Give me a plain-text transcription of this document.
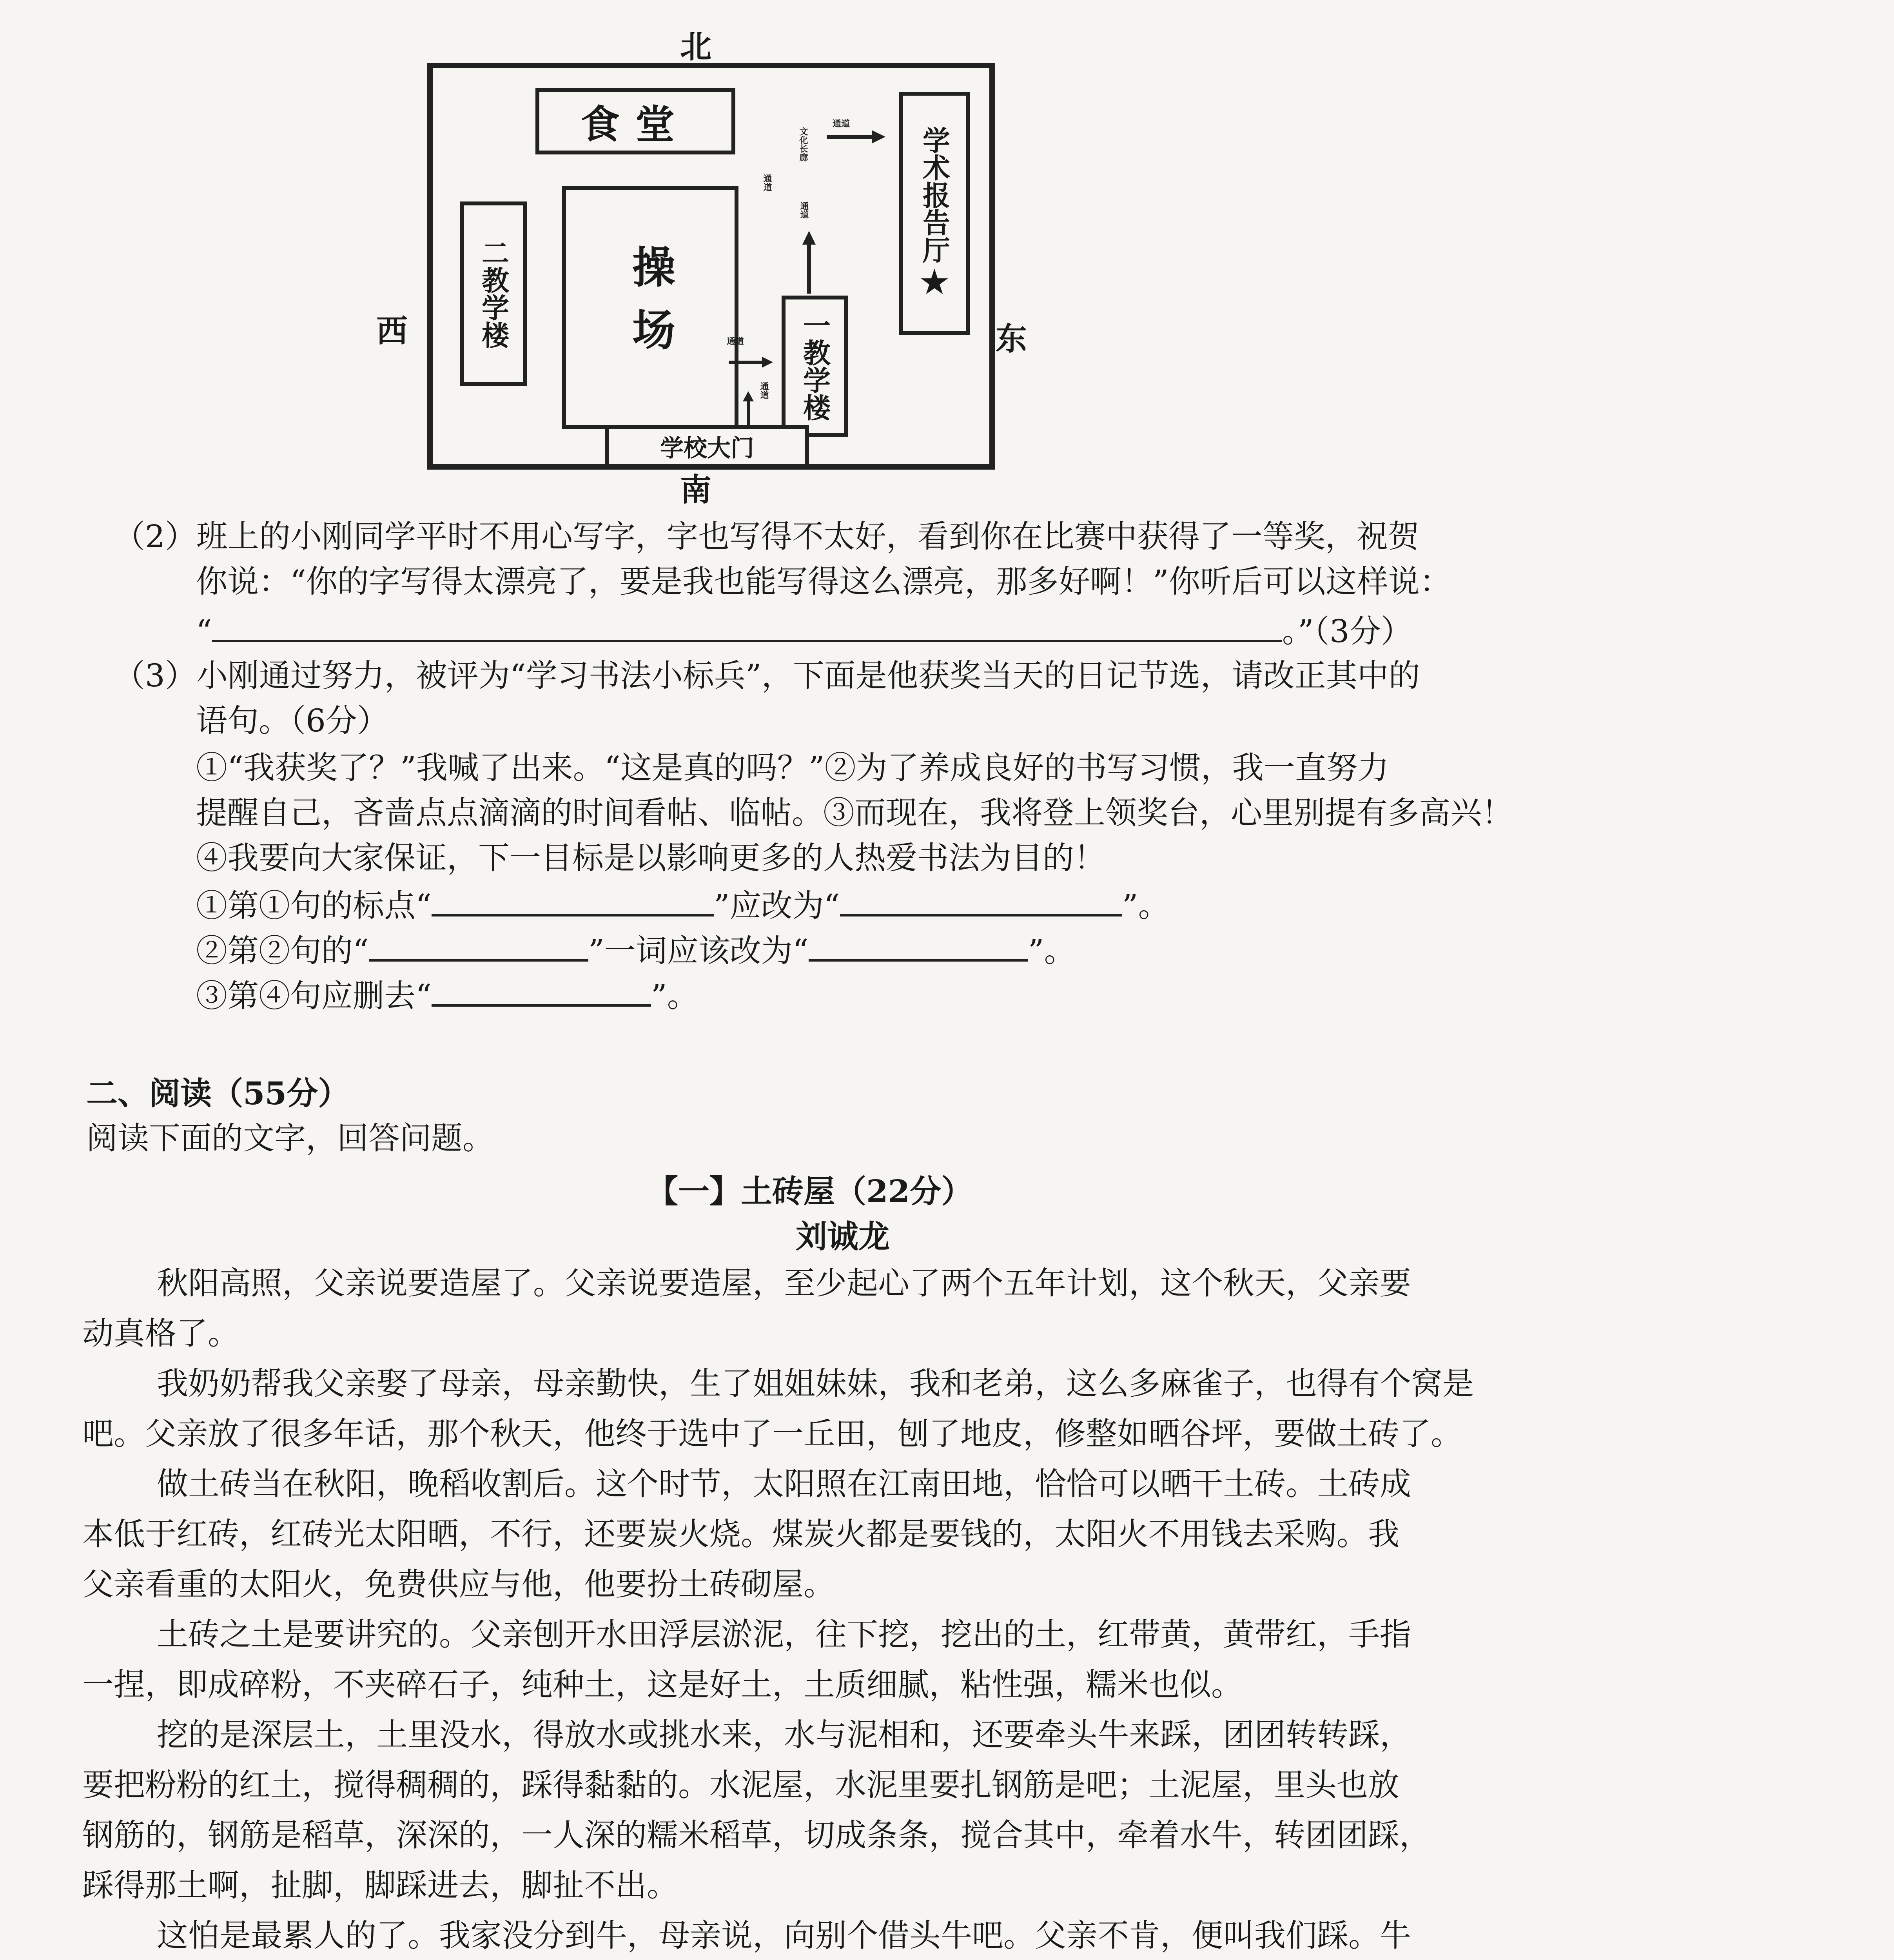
北
南
西	东
食堂
操场
二教学楼
通道
通道
文化长廊
通道
通道
通道 一教学楼
学术报告厅
★
学校大门
（2）班上的小刚同学平时不用心写字，字也写得不太好，看到你在比赛中获得了一等奖，祝贺
你说：“你的字写得太漂亮了，要是我也能写得这么漂亮，那多好啊！”你听后可以这样说：
“	。”（3分）
（3）小刚通过努力，被评为“学习书法小标兵”，下面是他获奖当天的日记节选，请改正其中的
语句。（6分）
①“我获奖了？”我喊了出来。“这是真的吗？”②为了养成良好的书写习惯，我一直努力
提醒自己，吝啬点点滴滴的时间看帖、临帖。③而现在，我将登上领奖台，心里别提有多高兴！
④我要向大家保证，下一目标是以影响更多的人热爱书法为目的！
①第①句的标点“	”应改为“	”。
②第②句的“	”一词应该改为“	”。
③第④句应删去“	”。
二、阅读（55分）
阅读下面的文字，回答问题。
【一】土砖屋（22分）
刘诚龙
秋阳高照，父亲说要造屋了。父亲说要造屋，至少起心了两个五年计划，这个秋天，父亲要
动真格了。
我奶奶帮我父亲娶了母亲，母亲勤快，生了姐姐妹妹，我和老弟，这么多麻雀子，也得有个窝是
吧。父亲放了很多年话，那个秋天，他终于选中了一丘田，刨了地皮，修整如晒谷坪，要做土砖了。
做土砖当在秋阳，晚稻收割后。这个时节，太阳照在江南田地，恰恰可以晒干土砖。土砖成
本低于红砖，红砖光太阳晒，不行，还要炭火烧。煤炭火都是要钱的，太阳火不用钱去采购。我
父亲看重的太阳火，免费供应与他，他要扮土砖砌屋。
土砖之土是要讲究的。父亲刨开水田浮层淤泥，往下挖，挖出的土，红带黄，黄带红，手指
一捏，即成碎粉，不夹碎石子，纯种土，这是好土，土质细腻，粘性强，糯米也似。
挖的是深层土，土里没水，得放水或挑水来，水与泥相和，还要牵头牛来踩，团团转转踩，
要把粉粉的红土，搅得稠稠的，踩得黏黏的。水泥屋，水泥里要扎钢筋是吧；土泥屋，里头也放
钢筋的，钢筋是稻草，深深的，一人深的糯米稻草，切成条条，搅合其中，牵着水牛，转团团踩，
踩得那土啊，扯脚，脚踩进去，脚扯不出。
这怕是最累人的了。我家没分到牛，母亲说，向别个借头牛吧。父亲不肯，便叫我们踩。牛
